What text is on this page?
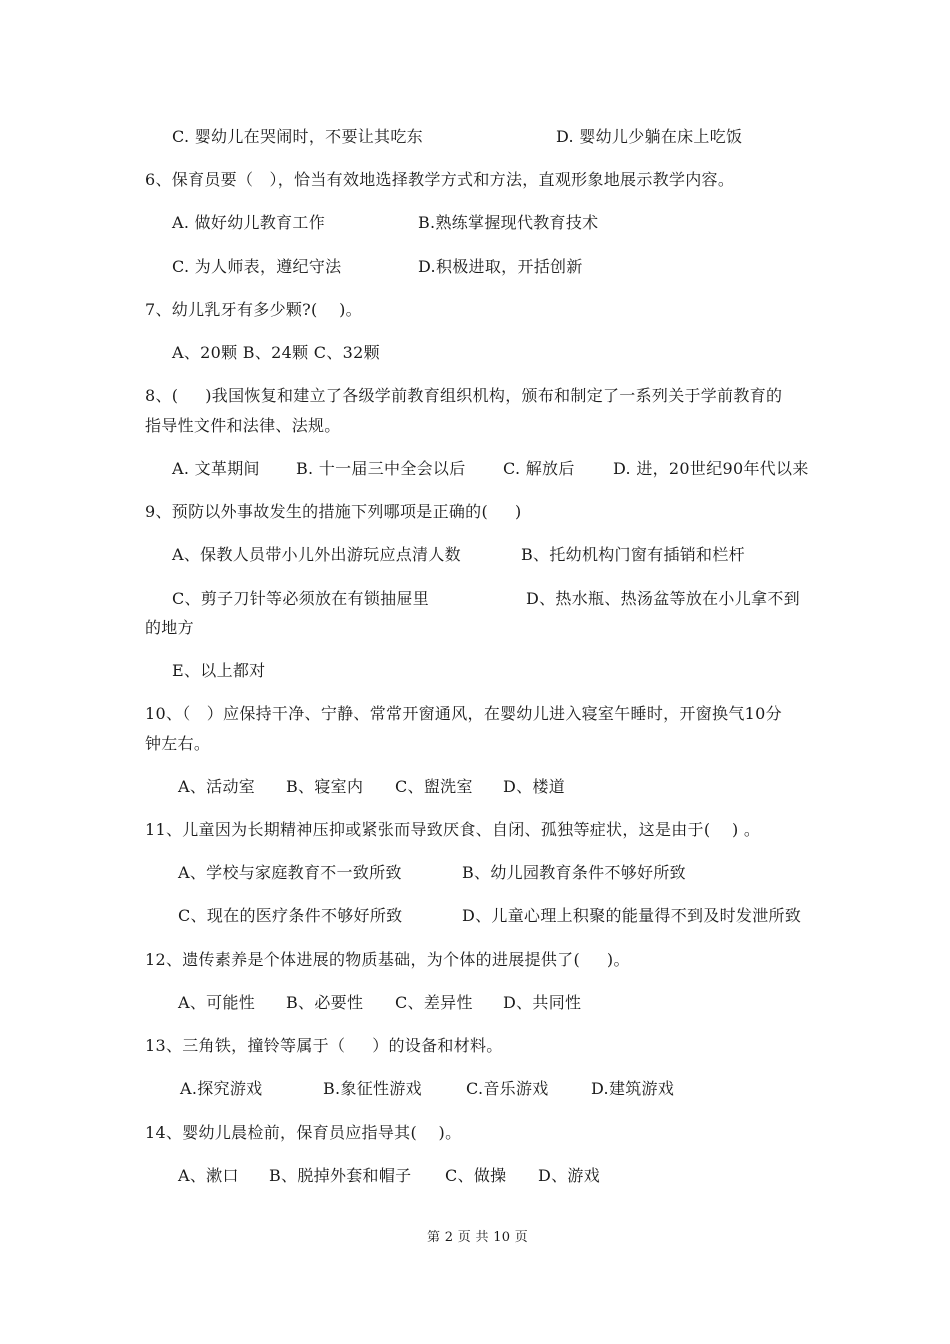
C. 婴幼儿在哭闹时，不要让其吃东	D. 婴幼儿少躺在床上吃饭
6、保育员要（   ），恰当有效地选择教学方式和方法，直观形象地展示教学内容。
A. 做好幼儿教育工作	B.熟练掌握现代教育技术
C. 为人师表，遵纪守法	D.积极进取，开括创新
7、幼儿乳牙有多少颗?(    )。
A、20颗 B、24颗 C、32颗
8、(     )我国恢复和建立了各级学前教育组织机构，颁布和制定了一系列关于学前教育的
指导性文件和法律、法规。
A. 文革期间 B. 十一届三中全会以后 C. 解放后 D. 进，20世纪90年代以来
9、预防以外事故发生的措施下列哪项是正确的(     )
A、保教人员带小儿外出游玩应点清人数	B、托幼机构门窗有插销和栏杆
C、剪子刀针等必须放在有锁抽屉里	D、热水瓶、热汤盆等放在小儿拿不到
的地方
E、以上都对
10、（   ）应保持干净、宁静、常常开窗通风，在婴幼儿进入寝室午睡时，开窗换气10分
钟左右。
A、活动室 B、寝室内 C、盥洗室 D、楼道
11、儿童因为长期精神压抑或紧张而导致厌食、自闭、孤独等症状，这是由于(    ) 。
A、学校与家庭教育不一致所致	B、幼儿园教育条件不够好所致
C、现在的医疗条件不够好所致	D、儿童心理上积聚的能量得不到及时发泄所致
12、遗传素养是个体进展的物质基础，为个体的进展提供了(     )。
A、可能性 B、必要性 C、差异性 D、共同性
13、三角铁，撞铃等属于（     ）的设备和材料。
A.探究游戏	B.象征性游戏	C.音乐游戏	D.建筑游戏
14、婴幼儿晨检前，保育员应指导其(    )。
A、漱口 B、脱掉外套和帽子 C、做操 D、游戏
第 2 页 共 10 页
